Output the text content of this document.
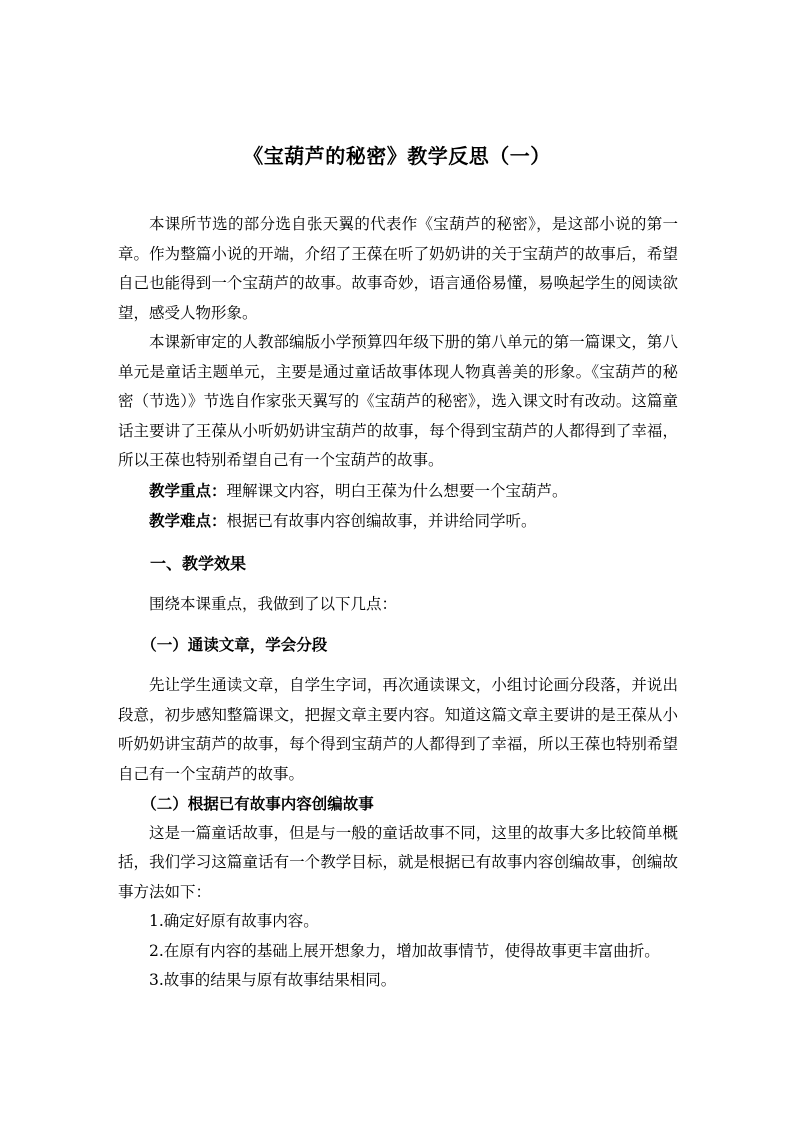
《宝葫芦的秘密》教学反思（一）

本课所节选的部分选自张天翼的代表作《宝葫芦的秘密》，是这部小说的第一章。作为整篇小说的开端，介绍了王葆在听了奶奶讲的关于宝葫芦的故事后，希望自己也能得到一个宝葫芦的故事。故事奇妙，语言通俗易懂，易唤起学生的阅读欲望，感受人物形象。

本课新审定的人教部编版小学预算四年级下册的第八单元的第一篇课文，第八单元是童话主题单元，主要是通过童话故事体现人物真善美的形象。《宝葫芦的秘密（节选）》节选自作家张天翼写的《宝葫芦的秘密》，选入课文时有改动。这篇童话主要讲了王葆从小听奶奶讲宝葫芦的故事，每个得到宝葫芦的人都得到了幸福，所以王葆也特别希望自己有一个宝葫芦的故事。

教学重点：理解课文内容，明白王葆为什么想要一个宝葫芦。

教学难点：根据已有故事内容创编故事，并讲给同学听。

一、教学效果

围绕本课重点，我做到了以下几点：

（一）通读文章，学会分段

先让学生通读文章，自学生字词，再次通读课文，小组讨论画分段落，并说出段意，初步感知整篇课文，把握文章主要内容。知道这篇文章主要讲的是王葆从小听奶奶讲宝葫芦的故事，每个得到宝葫芦的人都得到了幸福，所以王葆也特别希望自己有一个宝葫芦的故事。

（二）根据已有故事内容创编故事

这是一篇童话故事，但是与一般的童话故事不同，这里的故事大多比较简单概括，我们学习这篇童话有一个教学目标，就是根据已有故事内容创编故事，创编故事方法如下：

1.确定好原有故事内容。

2.在原有内容的基础上展开想象力，增加故事情节，使得故事更丰富曲折。

3.故事的结果与原有故事结果相同。
